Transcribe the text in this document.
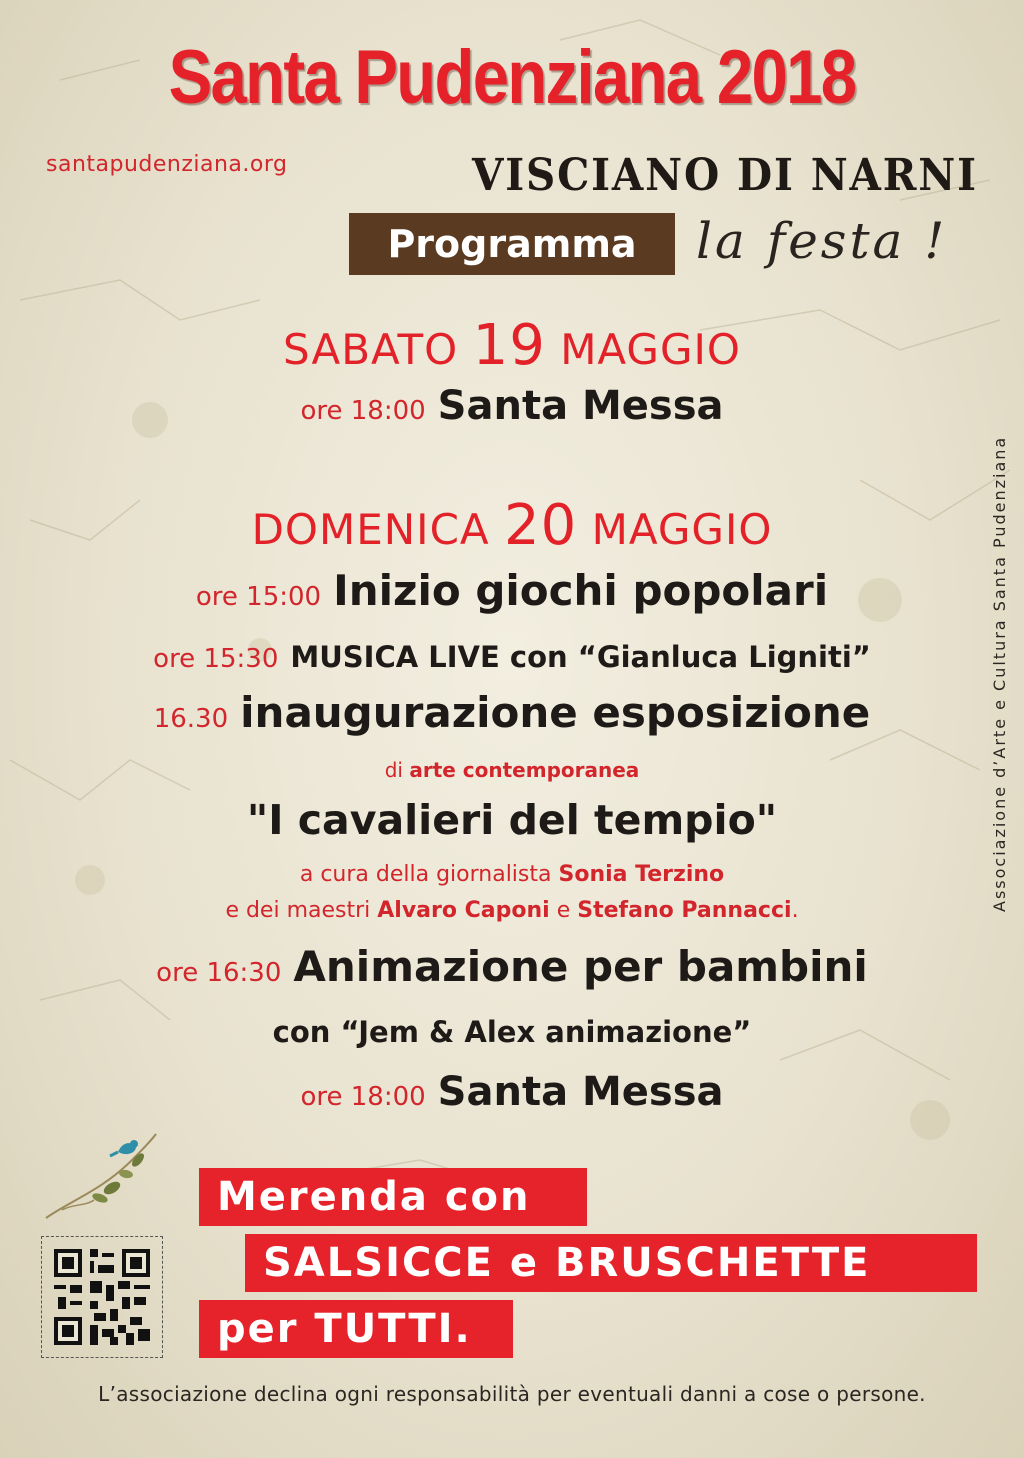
Santa Pudenziana 2018
santapudenziana.org	VISCIANO DI NARNI
Programma la festa !
SABATO 19 MAGGIO
ore 18:00 Santa Messa
DOMENICA 20 MAGGIO
ore 15:00 Inizio giochi popolari
ore 15:30 MUSICA LIVE con “Gianluca Ligniti”
16.30 inaugurazione esposizione
di arte contemporanea
"I cavalieri del tempio"
a cura della giornalista Sonia Terzino
e dei maestri Alvaro Caponi e Stefano Pannacci.
ore 16:30 Animazione per bambini
con “Jem & Alex animazione”
ore 18:00 Santa Messa
Associazione d’Arte e Cultura Santa Pudenziana
Merenda con
SALSICCE e BRUSCHETTE
per TUTTI.
L’associazione declina ogni responsabilità per eventuali danni a cose o persone.
